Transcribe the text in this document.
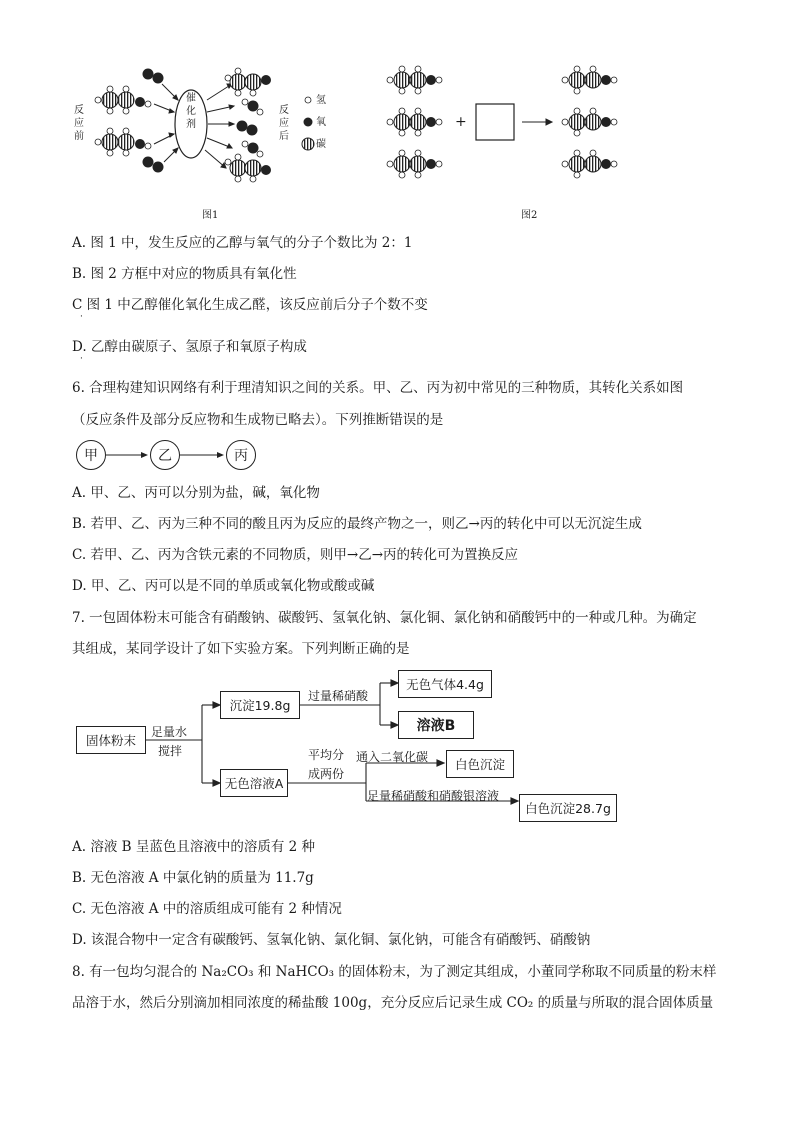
反应前
催化剂
反应后
氢
氧
碳
图1
+
图2
A. 图 1 中，发生反应的乙醇与氧气的分子个数比为 2：1
B. 图 2 方框中对应的物质具有氧化性
C 图 1 中乙醇催化氧化生成乙醛，该反应前后分子个数不变
·
D. 乙醇由碳原子、氢原子和氧原子构成
·
6. 合理构建知识网络有利于理清知识之间的关系。甲、乙、丙为初中常见的三种物质，其转化关系如图
（反应条件及部分反应物和生成物已略去）。下列推断错误的是
甲	乙	丙
A. 甲、乙、丙可以分别为盐，碱，氧化物
B. 若甲、乙、丙为三种不同的酸且丙为反应的最终产物之一，则乙→丙的转化中可以无沉淀生成
C. 若甲、乙、丙为含铁元素的不同物质，则甲→乙→丙的转化可为置换反应
D. 甲、乙、丙可以是不同的单质或氧化物或酸或碱
7. 一包固体粉末可能含有硝酸钠、碳酸钙、氢氧化钠、氯化铜、氯化钠和硝酸钙中的一种或几种。为确定
其组成，某同学设计了如下实验方案。下列判断正确的是
固体粉末
足量水
搅拌
沉淀19.8g
过量稀硝酸
无色气体4.4g
溶液B
无色溶液A
平均分
成两份
通入二氧化碳	白色沉淀
足量稀硝酸和硝酸银溶液
白色沉淀28.7g
A. 溶液 B 呈蓝色且溶液中的溶质有 2 种
B. 无色溶液 A 中氯化钠的质量为 11.7g
C. 无色溶液 A 中的溶质组成可能有 2 种情况
D. 该混合物中一定含有碳酸钙、氢氧化钠、氯化铜、氯化钠，可能含有硝酸钙、硝酸钠
8. 有一包均匀混合的 Na₂CO₃ 和 NaHCO₃ 的固体粉末，为了测定其组成，小董同学称取不同质量的粉末样
品溶于水，然后分别滴加相同浓度的稀盐酸 100g，充分反应后记录生成 CO₂ 的质量与所取的混合固体质量
